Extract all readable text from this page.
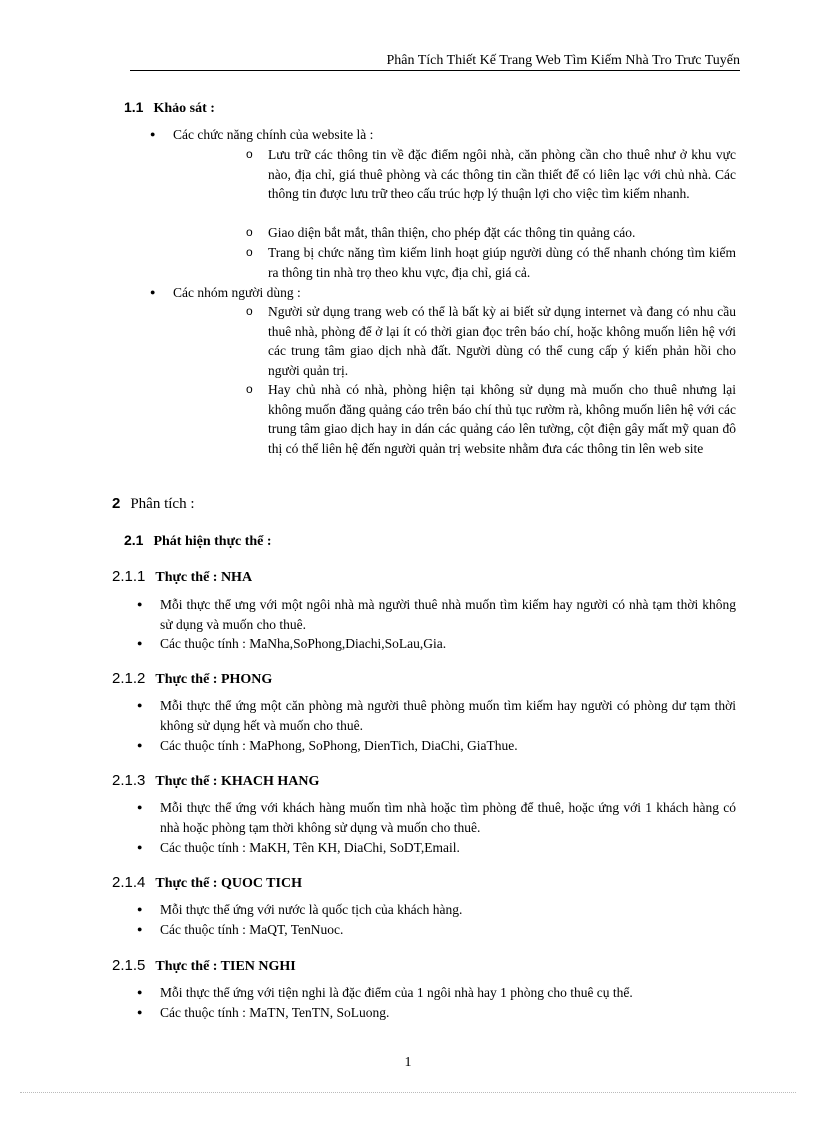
Phân Tích Thiết Kế Trang Web Tìm Kiếm Nhà Tro Trưc Tuyến
1.1 Khảo sát :
● Các chức năng chính của website là :
o Lưu trữ các thông tin về đặc điểm ngôi nhà, căn phòng cần cho thuê như ở khu vực nào, địa chỉ, giá thuê phòng và các thông tin cần thiết để có liên lạc với chủ nhà. Các thông tin được lưu trữ theo cấu trúc hợp lý thuận lợi cho việc tìm kiếm nhanh.
o Giao diện bắt mắt, thân thiện, cho phép đặt các thông tin quảng cáo.
o Trang bị chức năng tìm kiếm linh hoạt giúp người dùng có thể nhanh chóng tìm kiếm ra thông tin nhà trọ theo khu vực, địa chỉ, giá cả.
● Các nhóm người dùng :
o Người sử dụng trang web có thể là bất kỳ ai biết sử dụng internet và đang có nhu cầu thuê nhà, phòng để ở lại ít có thời gian đọc trên báo chí, hoặc không muốn liên hệ với các trung tâm giao dịch nhà đất. Người dùng có thể cung cấp ý kiến phản hồi cho người quản trị.
o Hay chủ nhà có nhà, phòng hiện tại không sử dụng mà muốn cho thuê nhưng lại không muốn đăng quảng cáo trên báo chí thủ tục rườm rà, không muốn liên hệ với các trung tâm giao dịch hay in dán các quảng cáo lên tường, cột điện gây mất mỹ quan đô thị có thể liên hệ đến người quản trị website nhằm đưa các thông tin lên web site
2 Phân tích :
2.1 Phát hiện thực thể :
2.1.1 Thực thể : NHA
● Mỗi thực thể ưng với một ngôi nhà mà người thuê nhà muốn tìm kiếm hay người có nhà tạm thời không sử dụng và muốn cho thuê.
● Các thuộc tính : MaNha,SoPhong,Diachi,SoLau,Gia.
2.1.2 Thực thể : PHONG
● Mỗi thực thể ứng một căn phòng mà người thuê phòng muốn tìm kiếm hay người có phòng dư tạm thời không sử dụng hết và muốn cho thuê.
● Các thuộc tính : MaPhong, SoPhong, DienTich, DiaChi, GiaThue.
2.1.3 Thực thể : KHACH HANG
● Mỗi thực thể ứng với khách hàng muốn tìm nhà hoặc tìm phòng để thuê, hoặc ứng với 1 khách hàng có nhà hoặc phòng tạm thời không sử dụng và muốn cho thuê.
● Các thuộc tính : MaKH, Tên KH, DiaChi, SoDT,Email.
2.1.4 Thực thể : QUOC TICH
● Mỗi thực thể ứng với nước là quốc tịch của khách hàng.
● Các thuộc tính : MaQT, TenNuoc.
2.1.5 Thực thể : TIEN NGHI
● Mỗi thực thể ứng với tiện nghi là đặc điểm của 1 ngôi nhà hay 1 phòng cho thuê cụ thể.
● Các thuộc tính : MaTN, TenTN, SoLuong.
1
